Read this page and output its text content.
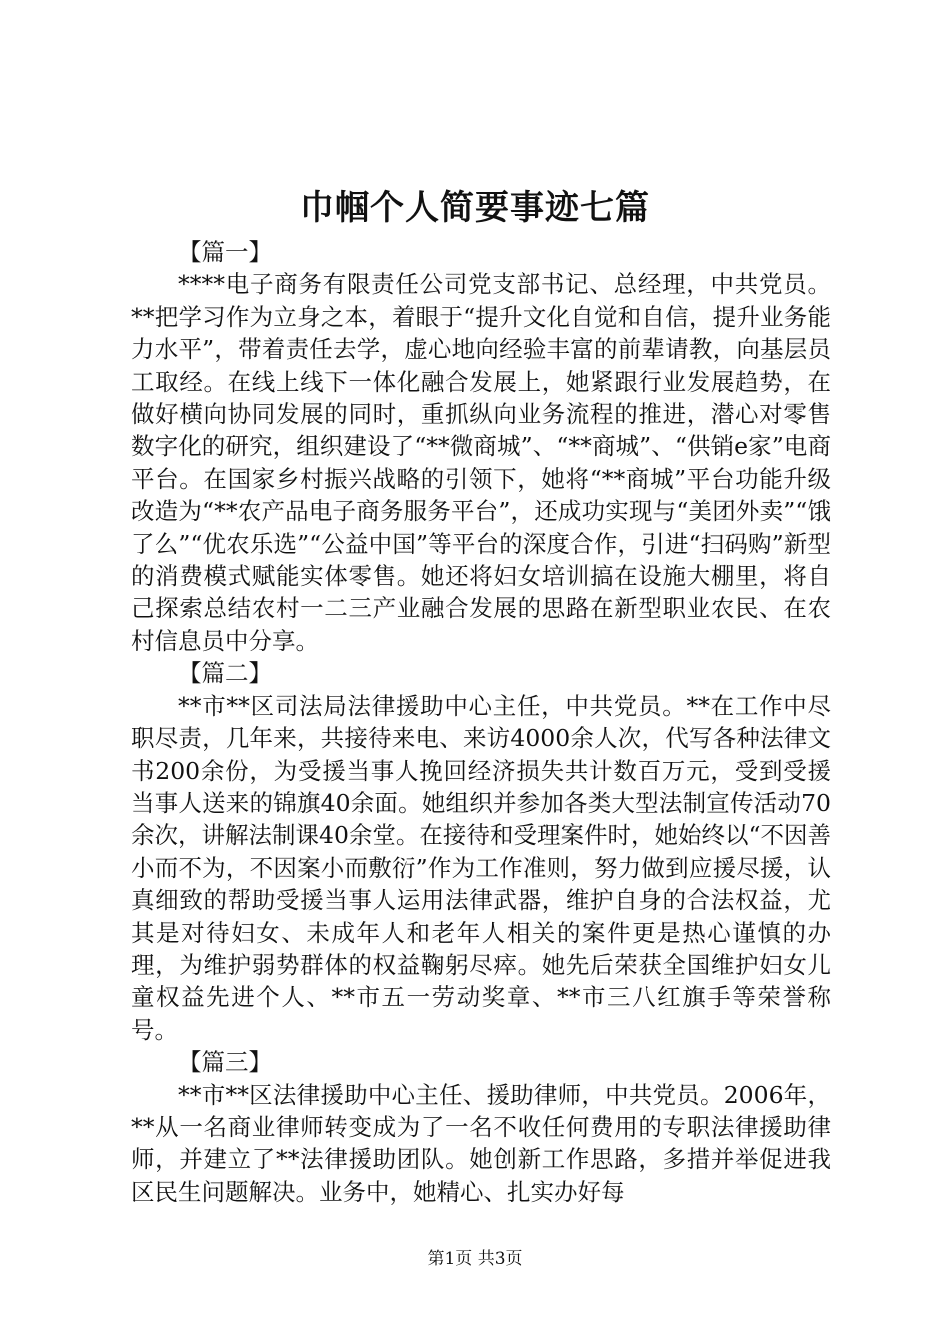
巾帼个人简要事迹七篇

【篇一】

****电子商务有限责任公司党支部书记、总经理，中共党员。**把学习作为立身之本，着眼于“提升文化自觉和自信，提升业务能力水平”，带着责任去学，虚心地向经验丰富的前辈请教，向基层员工取经。在线上线下一体化融合发展上，她紧跟行业发展趋势，在做好横向协同发展的同时，重抓纵向业务流程的推进，潜心对零售数字化的研究，组织建设了“**微商城”、“**商城”、“供销e家”电商平台。在国家乡村振兴战略的引领下，她将“**商城”平台功能升级改造为“**农产品电子商务服务平台”，还成功实现与“美团外卖”“饿了么”“优农乐选”“公益中国”等平台的深度合作，引进“扫码购”新型的消费模式赋能实体零售。她还将妇女培训搞在设施大棚里，将自己探索总结农村一二三产业融合发展的思路在新型职业农民、在农村信息员中分享。

【篇二】

**市**区司法局法律援助中心主任，中共党员。**在工作中尽职尽责，几年来，共接待来电、来访4000余人次，代写各种法律文书200余份，为受援当事人挽回经济损失共计数百万元，受到受援当事人送来的锦旗40余面。她组织并参加各类大型法制宣传活动70余次，讲解法制课40余堂。在接待和受理案件时，她始终以“不因善小而不为，不因案小而敷衍”作为工作准则，努力做到应援尽援，认真细致的帮助受援当事人运用法律武器，维护自身的合法权益，尤其是对待妇女、未成年人和老年人相关的案件更是热心谨慎的办理，为维护弱势群体的权益鞠躬尽瘁。她先后荣获全国维护妇女儿童权益先进个人、**市五一劳动奖章、**市三八红旗手等荣誉称号。

【篇三】

**市**区法律援助中心主任、援助律师，中共党员。2006年，**从一名商业律师转变成为了一名不收任何费用的专职法律援助律师，并建立了**法律援助团队。她创新工作思路，多措并举促进我区民生问题解决。业务中，她精心、扎实办好每

第1页 共3页
